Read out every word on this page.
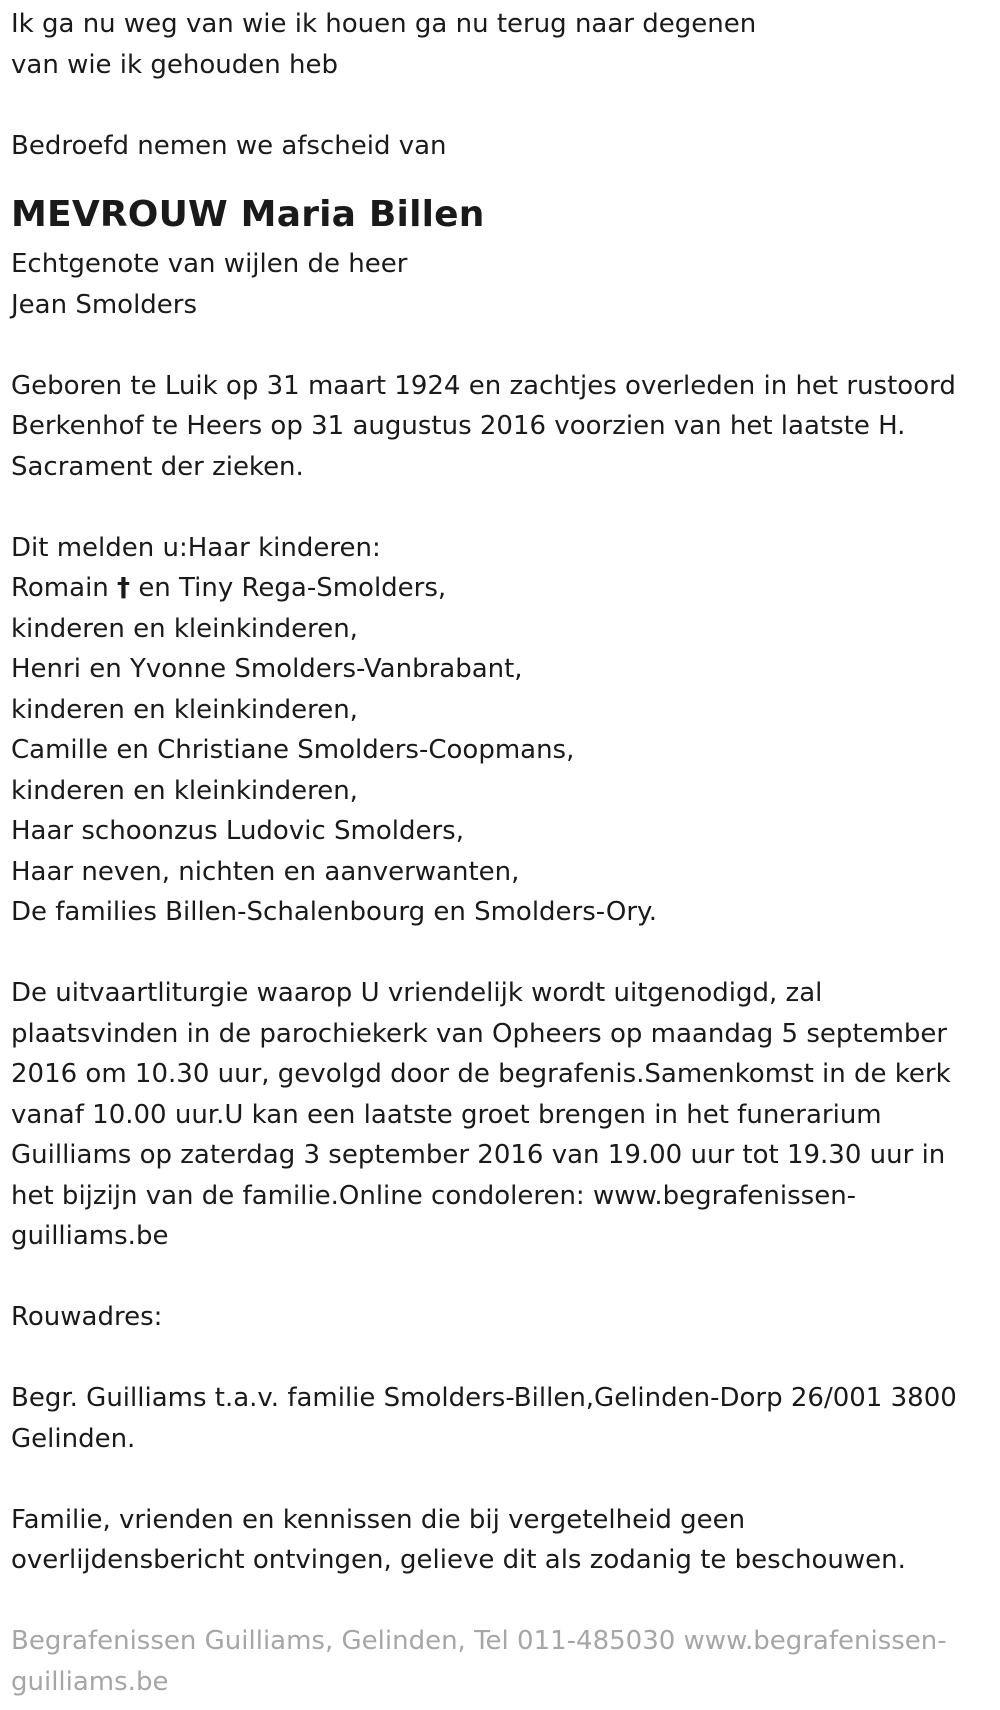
Ik ga nu weg van wie ik houen ga nu terug naar degenen
van wie ik gehouden heb
Bedroefd nemen we afscheid van
MEVROUW Maria Billen
Echtgenote van wijlen de heer
Jean Smolders
Geboren te Luik op 31 maart 1924 en zachtjes overleden in het rustoord
Berkenhof te Heers op 31 augustus 2016 voorzien van het laatste H.
Sacrament der zieken.
Dit melden u:Haar kinderen:
Romain † en Tiny Rega-Smolders,
kinderen en kleinkinderen,
Henri en Yvonne Smolders-Vanbrabant,
kinderen en kleinkinderen,
Camille en Christiane Smolders-Coopmans,
kinderen en kleinkinderen,
Haar schoonzus Ludovic Smolders,
Haar neven, nichten en aanverwanten,
De families Billen-Schalenbourg en Smolders-Ory.
De uitvaartliturgie waarop U vriendelijk wordt uitgenodigd, zal
plaatsvinden in de parochiekerk van Opheers op maandag 5 september
2016 om 10.30 uur, gevolgd door de begrafenis.Samenkomst in de kerk
vanaf 10.00 uur.U kan een laatste groet brengen in het funerarium
Guilliams op zaterdag 3 september 2016 van 19.00 uur tot 19.30 uur in
het bijzijn van de familie.Online condoleren: www.begrafenissen-
guilliams.be
Rouwadres:
Begr. Guilliams t.a.v. familie Smolders-Billen,Gelinden-Dorp 26/001 3800
Gelinden.
Familie, vrienden en kennissen die bij vergetelheid geen
overlijdensbericht ontvingen, gelieve dit als zodanig te beschouwen.
Begrafenissen Guilliams, Gelinden, Tel 011-485030 www.begrafenissen-
guilliams.be
